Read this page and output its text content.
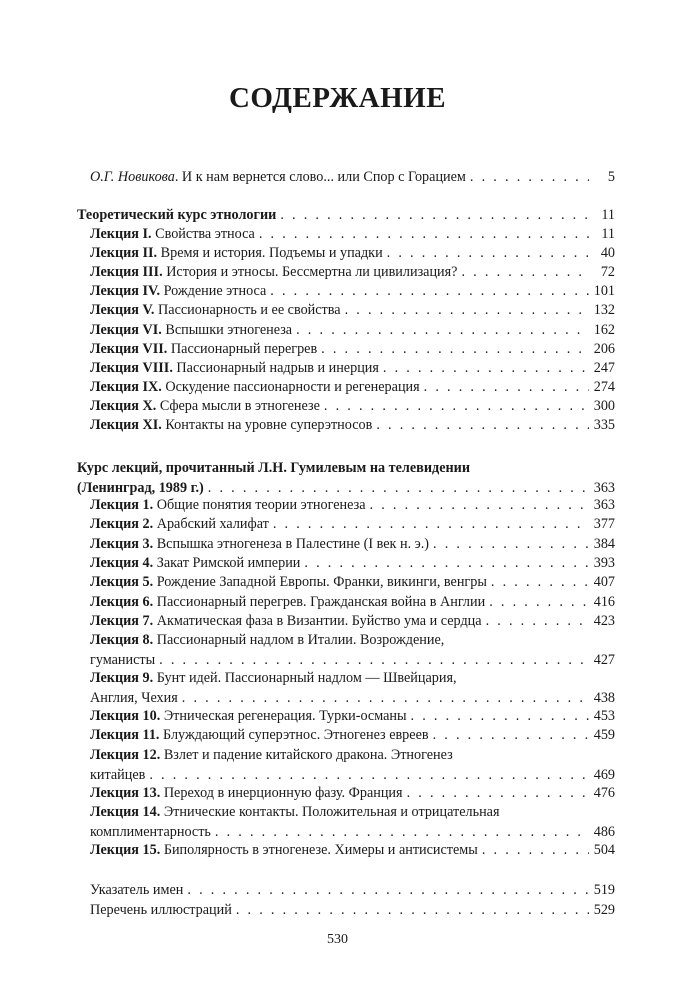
СОДЕРЖАНИЕ
О.Г. Новикова. И к нам вернется слово... или Спор с Горацием . . .	5
Теоретический курс этнологии . . .	11
Лекция I. Свойства этноса . . .	11
Лекция II. Время и история. Подъемы и упадки . . .	40
Лекция III. История и этносы. Бессмертна ли цивилизация? . . .	72
Лекция IV. Рождение этноса . . .	101
Лекция V. Пассионарность и ее свойства . . .	132
Лекция VI. Вспышки этногенеза . . .	162
Лекция VII. Пассионарный перегрев . . .	206
Лекция VIII. Пассионарный надрыв и инерция . . .	247
Лекция IX. Оскудение пассионарности и регенерация . . .	274
Лекция X. Сфера мысли в этногенезе . . .	300
Лекция XI. Контакты на уровне суперэтносов . . .	335
Курс лекций, прочитанный Л.Н. Гумилевым на телевидении
(Ленинград, 1989 г.) . . .	363
Лекция 1. Общие понятия теории этногенеза . . .	363
Лекция 2. Арабский халифат . . .	377
Лекция 3. Вспышка этногенеза в Палестине (I век н. э.) . . .	384
Лекция 4. Закат Римской империи . . .	393
Лекция 5. Рождение Западной Европы. Франки, викинги, венгры . . .	407
Лекция 6. Пассионарный перегрев. Гражданская война в Англии . . .	416
Лекция 7. Акматическая фаза в Византии. Буйство ума и сердца . . .	423
Лекция 8. Пассионарный надлом в Италии. Возрождение,
гуманисты . . .	427
Лекция 9. Бунт идей. Пассионарный надлом — Швейцария,
Англия, Чехия . . .	438
Лекция 10. Этническая регенерация. Турки-османы . . .	453
Лекция 11. Блуждающий суперэтнос. Этногенез евреев . . .	459
Лекция 12. Взлет и падение китайского дракона. Этногенез
китайцев . . .	469
Лекция 13. Переход в инерционную фазу. Франция . . .	476
Лекция 14. Этнические контакты. Положительная и отрицательная
комплиментарность . . .	486
Лекция 15. Биполярность в этногенезе. Химеры и антисистемы . . .	504
Указатель имен . . .	519
Перечень иллюстраций . . .	529
530
